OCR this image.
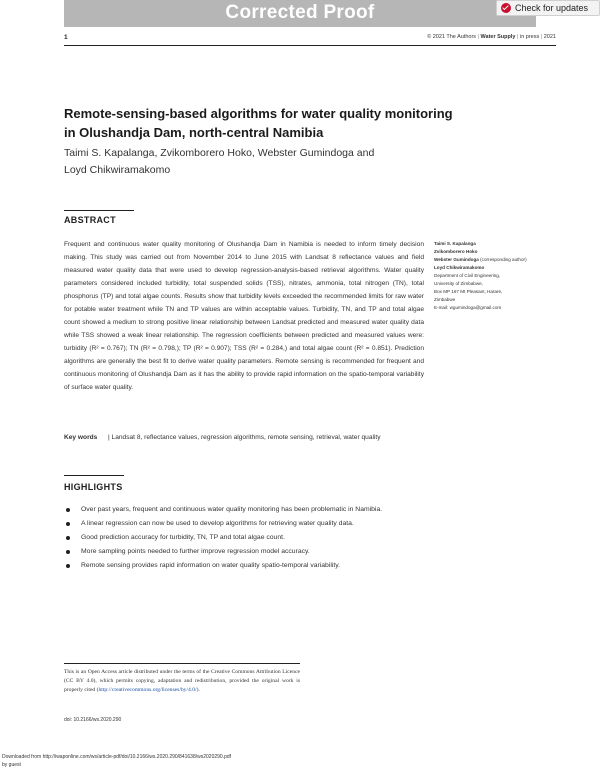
Corrected Proof	Check for updates
1	© 2021 The Authors | Water Supply | in press | 2021
Remote-sensing-based algorithms for water quality monitoring in Olushandja Dam, north-central Namibia
Taimi S. Kapalanga, Zvikomborero Hoko, Webster Gumindoga and Loyd Chikwiramakomo
ABSTRACT
Frequent and continuous water quality monitoring of Olushandja Dam in Namibia is needed to inform timely decision making. This study was carried out from November 2014 to June 2015 with Landsat 8 reflectance values and field measured water quality data that were used to develop regression-analysis-based retrieval algorithms. Water quality parameters considered included turbidity, total suspended solids (TSS), nitrates, ammonia, total nitrogen (TN), total phosphorus (TP) and total algae counts. Results show that turbidity levels exceeded the recommended limits for raw water for potable water treatment while TN and TP values are within acceptable values. Turbidity, TN, and TP and total algae count showed a medium to strong positive linear relationship between Landsat predicted and measured water quality data while TSS showed a weak linear relationship. The regression coefficients between predicted and measured values were: turbidity (R² = 0.767); TN (R² = 0.798,); TP (R² = 0.907); TSS (R² = 0.284,) and total algae count (R² = 0.851). Prediction algorithms are generally the best fit to derive water quality parameters. Remote sensing is recommended for frequent and continuous monitoring of Olushandja Dam as it has the ability to provide rapid information on the spatio-temporal variability of surface water quality.
Key words	| Landsat 8, reflectance values, regression algorithms, remote sensing, retrieval, water quality
Taimi S. Kapalanga
Zvikomborero Hoko
Webster Gumindoga (corresponding author)
Loyd Chikwiramakomo
Department of Civil Engineering,
University of Zimbabwe,
Box MP 167 Mt Pleasant, Harare,
Zimbabwe
E-mail: wgumindoga@gmail.com
HIGHLIGHTS
Over past years, frequent and continuous water quality monitoring has been problematic in Namibia.
A linear regression can now be used to develop algorithms for retrieving water quality data.
Good prediction accuracy for turbidity, TN, TP and total algae count.
More sampling points needed to further improve regression model accuracy.
Remote sensing provides rapid information on water quality spatio-temporal variability.
This is an Open Access article distributed under the terms of the Creative Commons Attribution Licence (CC BY 4.0), which permits copying, adaptation and redistribution, provided the original work is properly cited (http://creativecommons.org/licenses/by/4.0/).
doi: 10.2166/ws.2020.290
Downloaded from http://iwaponline.com/ws/article-pdf/doi/10.2166/ws.2020.290/841638/ws2020290.pdf
by guest
